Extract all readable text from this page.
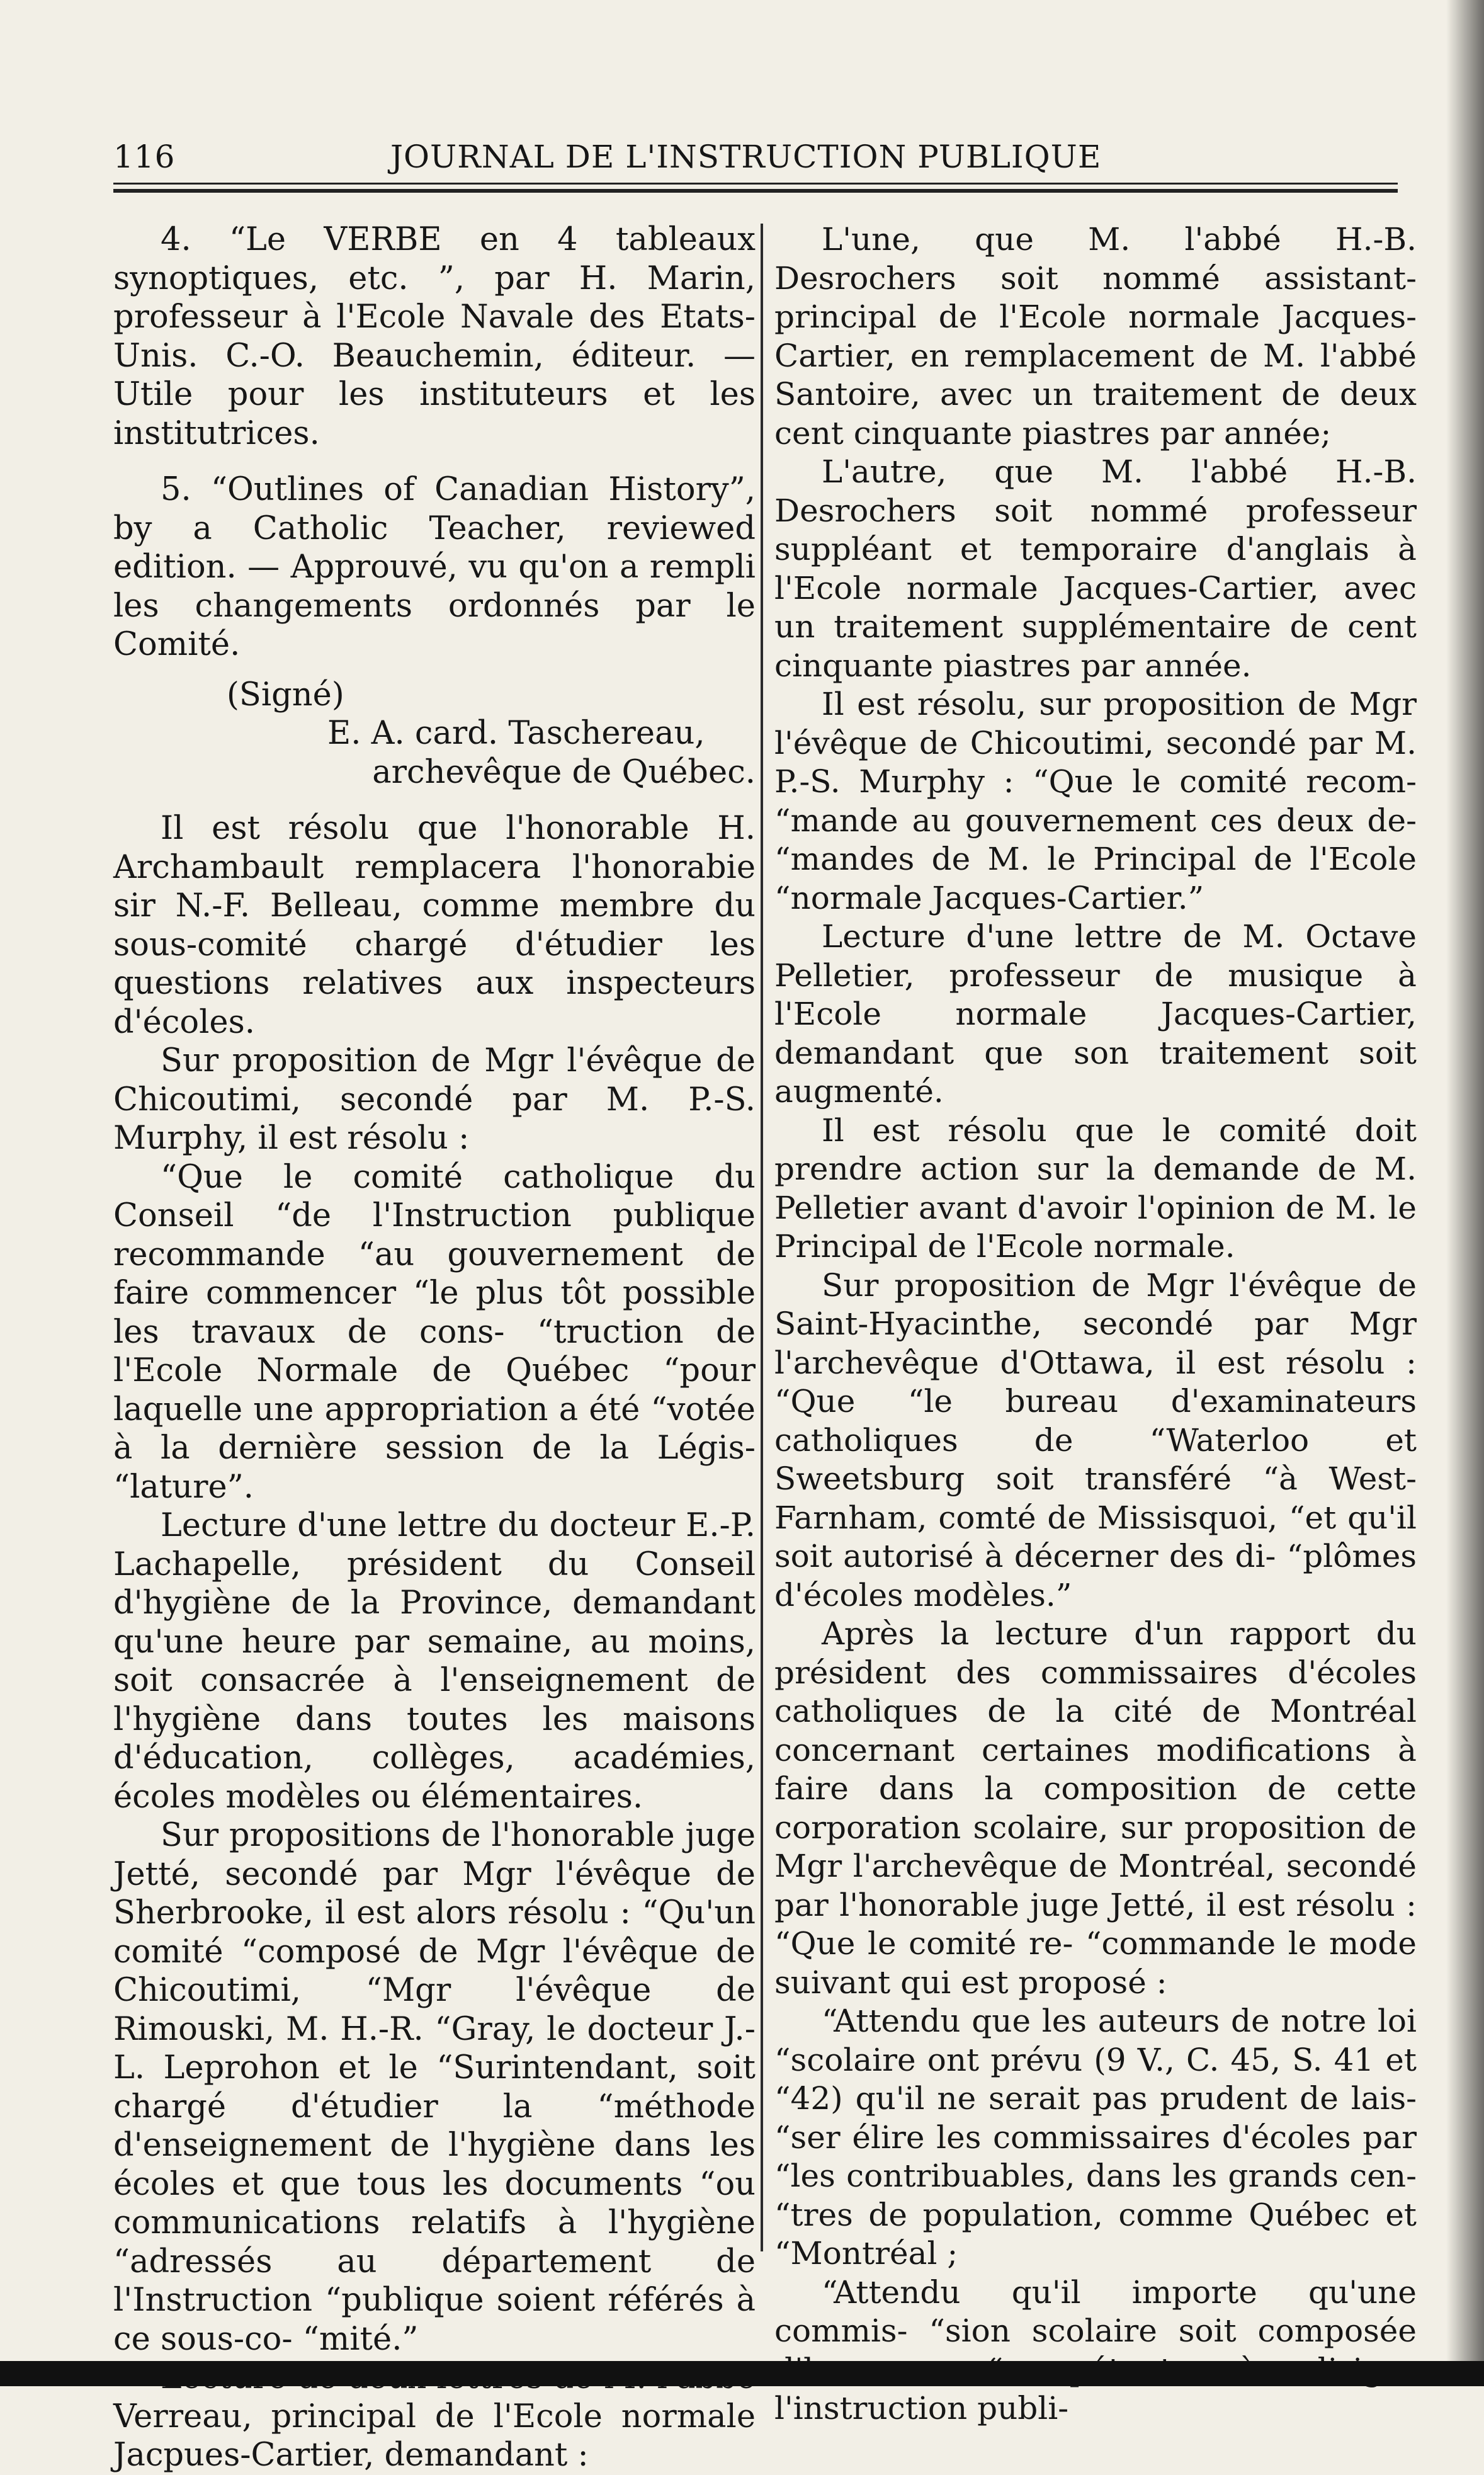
116	JOURNAL DE L'INSTRUCTION PUBLIQUE

4. “Le VERBE en 4 tableaux synoptiques, etc. ”, par H. Marin, professeur à l'Ecole Navale des Etats-Unis. C.-O. Beauchemin, éditeur. — Utile pour les instituteurs et les institutrices.

5. “Outlines of Canadian History”, by a Catholic Teacher, reviewed edition. — Approuvé, vu qu'on a rempli les changements ordonnés par le Comité.

(Signé)

E. A. card. Taschereau,

archevêque de Québec.

Il est résolu que l'honorable H. Archambault remplacera l'honorabie sir N.-F. Belleau, comme membre du sous-comité chargé d'étudier les questions relatives aux inspecteurs d'écoles.

Sur proposition de Mgr l'évêque de Chicoutimi, secondé par M. P.-S. Murphy, il est résolu :

“Que le comité catholique du Conseil “de l'Instruction publique recommande “au gouvernement de faire commencer “le plus tôt possible les travaux de cons- “truction de l'Ecole Normale de Québec “pour laquelle une appropriation a été “votée à la dernière session de la Légis- “lature”.

Lecture d'une lettre du docteur E.-P. Lachapelle, président du Conseil d'hygiène de la Province, demandant qu'une heure par semaine, au moins, soit consacrée à l'enseignement de l'hygiène dans toutes les maisons d'éducation, collèges, académies, écoles modèles ou élémentaires.

Sur propositions de l'honorable juge Jetté, secondé par Mgr l'évêque de Sherbrooke, il est alors résolu : “Qu'un comité “composé de Mgr l'évêque de Chicoutimi, “Mgr l'évêque de Rimouski, M. H.-R. “Gray, le docteur J.-L. Leprohon et le “Surintendant, soit chargé d'étudier la “méthode d'enseignement de l'hygiène dans les écoles et que tous les documents “ou communications relatifs à l'hygiène “adressés au département de l'Instruction “publique soient référés à ce sous-co- “mité.”

Verreau, principal de l'Ecole normale Jacpues-Cartier, demandant :

L'une, que M. l'abbé H.-B. Desrochers soit nommé assistant-principal de l'Ecole normale Jacques-Cartier, en remplacement de M. l'abbé Santoire, avec un traitement de deux cent cinquante piastres par année;

L'autre, que M. l'abbé H.-B. Desrochers soit nommé professeur suppléant et temporaire d'anglais à l'Ecole normale Jacques-Cartier, avec un traitement supplémentaire de cent cinquante piastres par année.

Il est résolu, sur proposition de Mgr l'évêque de Chicoutimi, secondé par M. P.-S. Murphy : “Que le comité recom- “mande au gouvernement ces deux de- “mandes de M. le Principal de l'Ecole “normale Jacques-Cartier.”

Lecture d'une lettre de M. Octave Pelletier, professeur de musique à l'Ecole normale Jacques-Cartier, demandant que son traitement soit augmenté.

Il est résolu que le comité doit prendre action sur la demande de M. Pelletier avant d'avoir l'opinion de M. le Principal de l'Ecole normale.

Sur proposition de Mgr l'évêque de Saint-Hyacinthe, secondé par Mgr l'archevêque d'Ottawa, il est résolu : “Que “le bureau d'examinateurs catholiques de “Waterloo et Sweetsburg soit transféré “à West-Farnham, comté de Missisquoi, “et qu'il soit autorisé à décerner des di- “plômes d'écoles modèles.”

Après la lecture d'un rapport du président des commissaires d'écoles catholiques de la cité de Montréal concernant certaines modifications à faire dans la composition de cette corporation scolaire, sur proposition de Mgr l'archevêque de Montréal, secondé par l'honorable juge Jetté, il est résolu : “Que le comité re- “commande le mode suivant qui est proposé :

“Attendu que les auteurs de notre loi “scolaire ont prévu (9 V., C. 45, S. 41 et “42) qu'il ne serait pas prudent de lais- “ser élire les commissaires d'écoles par “les contribuables, dans les grands cen- “tres de population, comme Québec et “Montréal ;

“Attendu qu'il importe qu'une commis- “sion scolaire soit composée l'instruction publi-
